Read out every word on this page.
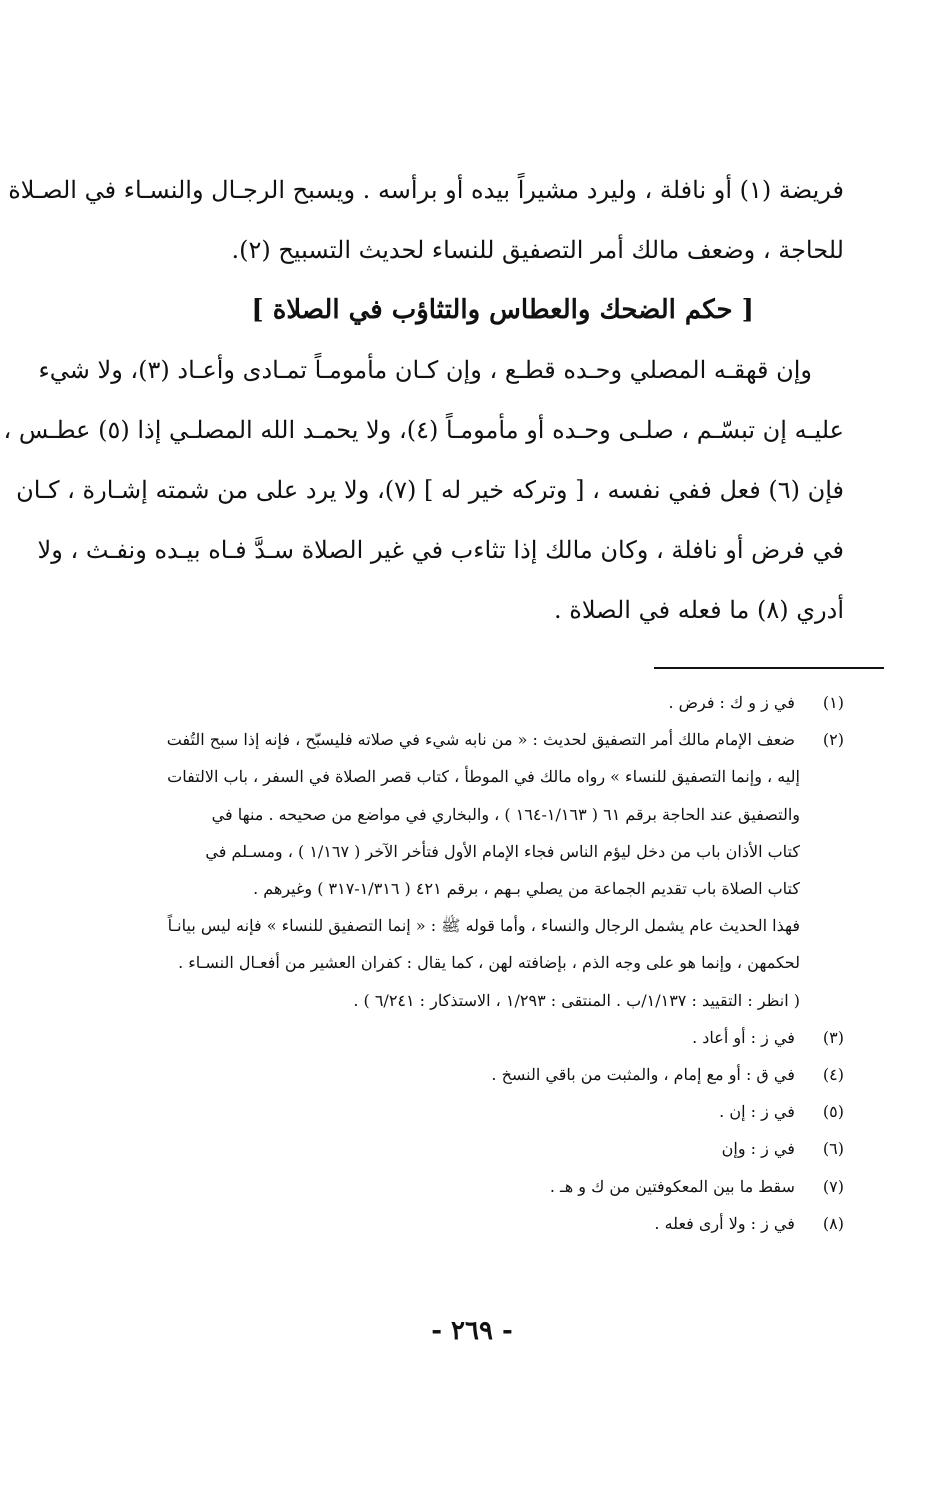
فريضة (١) أو نافلة ، وليرد مشيراً بيده أو برأسه . ويسبح الرجـال والنسـاء في الصـلاة
للحاجة ، وضعف مالك أمر التصفيق للنساء لحديث التسبيح (٢).
[ حكم الضحك والعطاس والتثاؤب في الصلاة ]
وإن قهقـه المصلي وحـده قطـع ، وإن كـان مأمومـاً تمـادى وأعـاد (٣)، ولا شيء
عليـه إن تبسّـم ، صلـى وحـده أو مأمومـاً (٤)، ولا يحمـد الله المصلـي إذا (٥) عطـس ،
فإن (٦) فعل ففي نفسه ، [ وتركه خير له ] (٧)، ولا يرد على من شمته إشـارة ، كـان
في فرض أو نافلة ، وكان مالك إذا تثاءب في غير الصلاة سـدَّ فـاه بيـده ونفـث ، ولا
أدري (٨) ما فعله في الصلاة .
(١) في ز و ك : فرض .
(٢) ضعف الإمام مالك أمر التصفيق لحديث : « من نابه شيء في صلاته فليسبّح ، فإنه إذا سبح التُفت
إليه ، وإنما التصفيق للنساء » رواه مالك في الموطأ ، كتاب قصر الصلاة في السفر ، باب الالتفات
والتصفيق عند الحاجة برقم ٦١ ( ١/١٦٣-١٦٤ ) ، والبخاري في مواضع من صحيحه . منها في
كتاب الأذان باب من دخل ليؤم الناس فجاء الإمام الأول فتأخر الآخر ( ١/١٦٧ ) ، ومسـلم في
كتاب الصلاة باب تقديم الجماعة من يصلي بـهم ، برقم ٤٢١ ( ١/٣١٦-٣١٧ ) وغيرهم .
فهذا الحديث عام يشمل الرجال والنساء ، وأما قوله ﷺ : « إنما التصفيق للنساء » فإنه ليس بيانـاً
لحكمهن ، وإنما هو على وجه الذم ، بإضافته لهن ، كما يقال : كفران العشير من أفعـال النسـاء .
( انظر : التقييد : ١/١٣٧/ب . المنتقى : ١/٢٩٣ ، الاستذكار : ٦/٢٤١ ) .
(٣) في ز : أو أعاد .
(٤) في ق : أو مع إمام ، والمثبت من باقي النسخ .
(٥) في ز : إن .
(٦) في ز : وإن
(٧) سقط ما بين المعكوفتين من ك و هـ .
(٨) في ز : ولا أرى فعله .
- ٢٦٩ -
